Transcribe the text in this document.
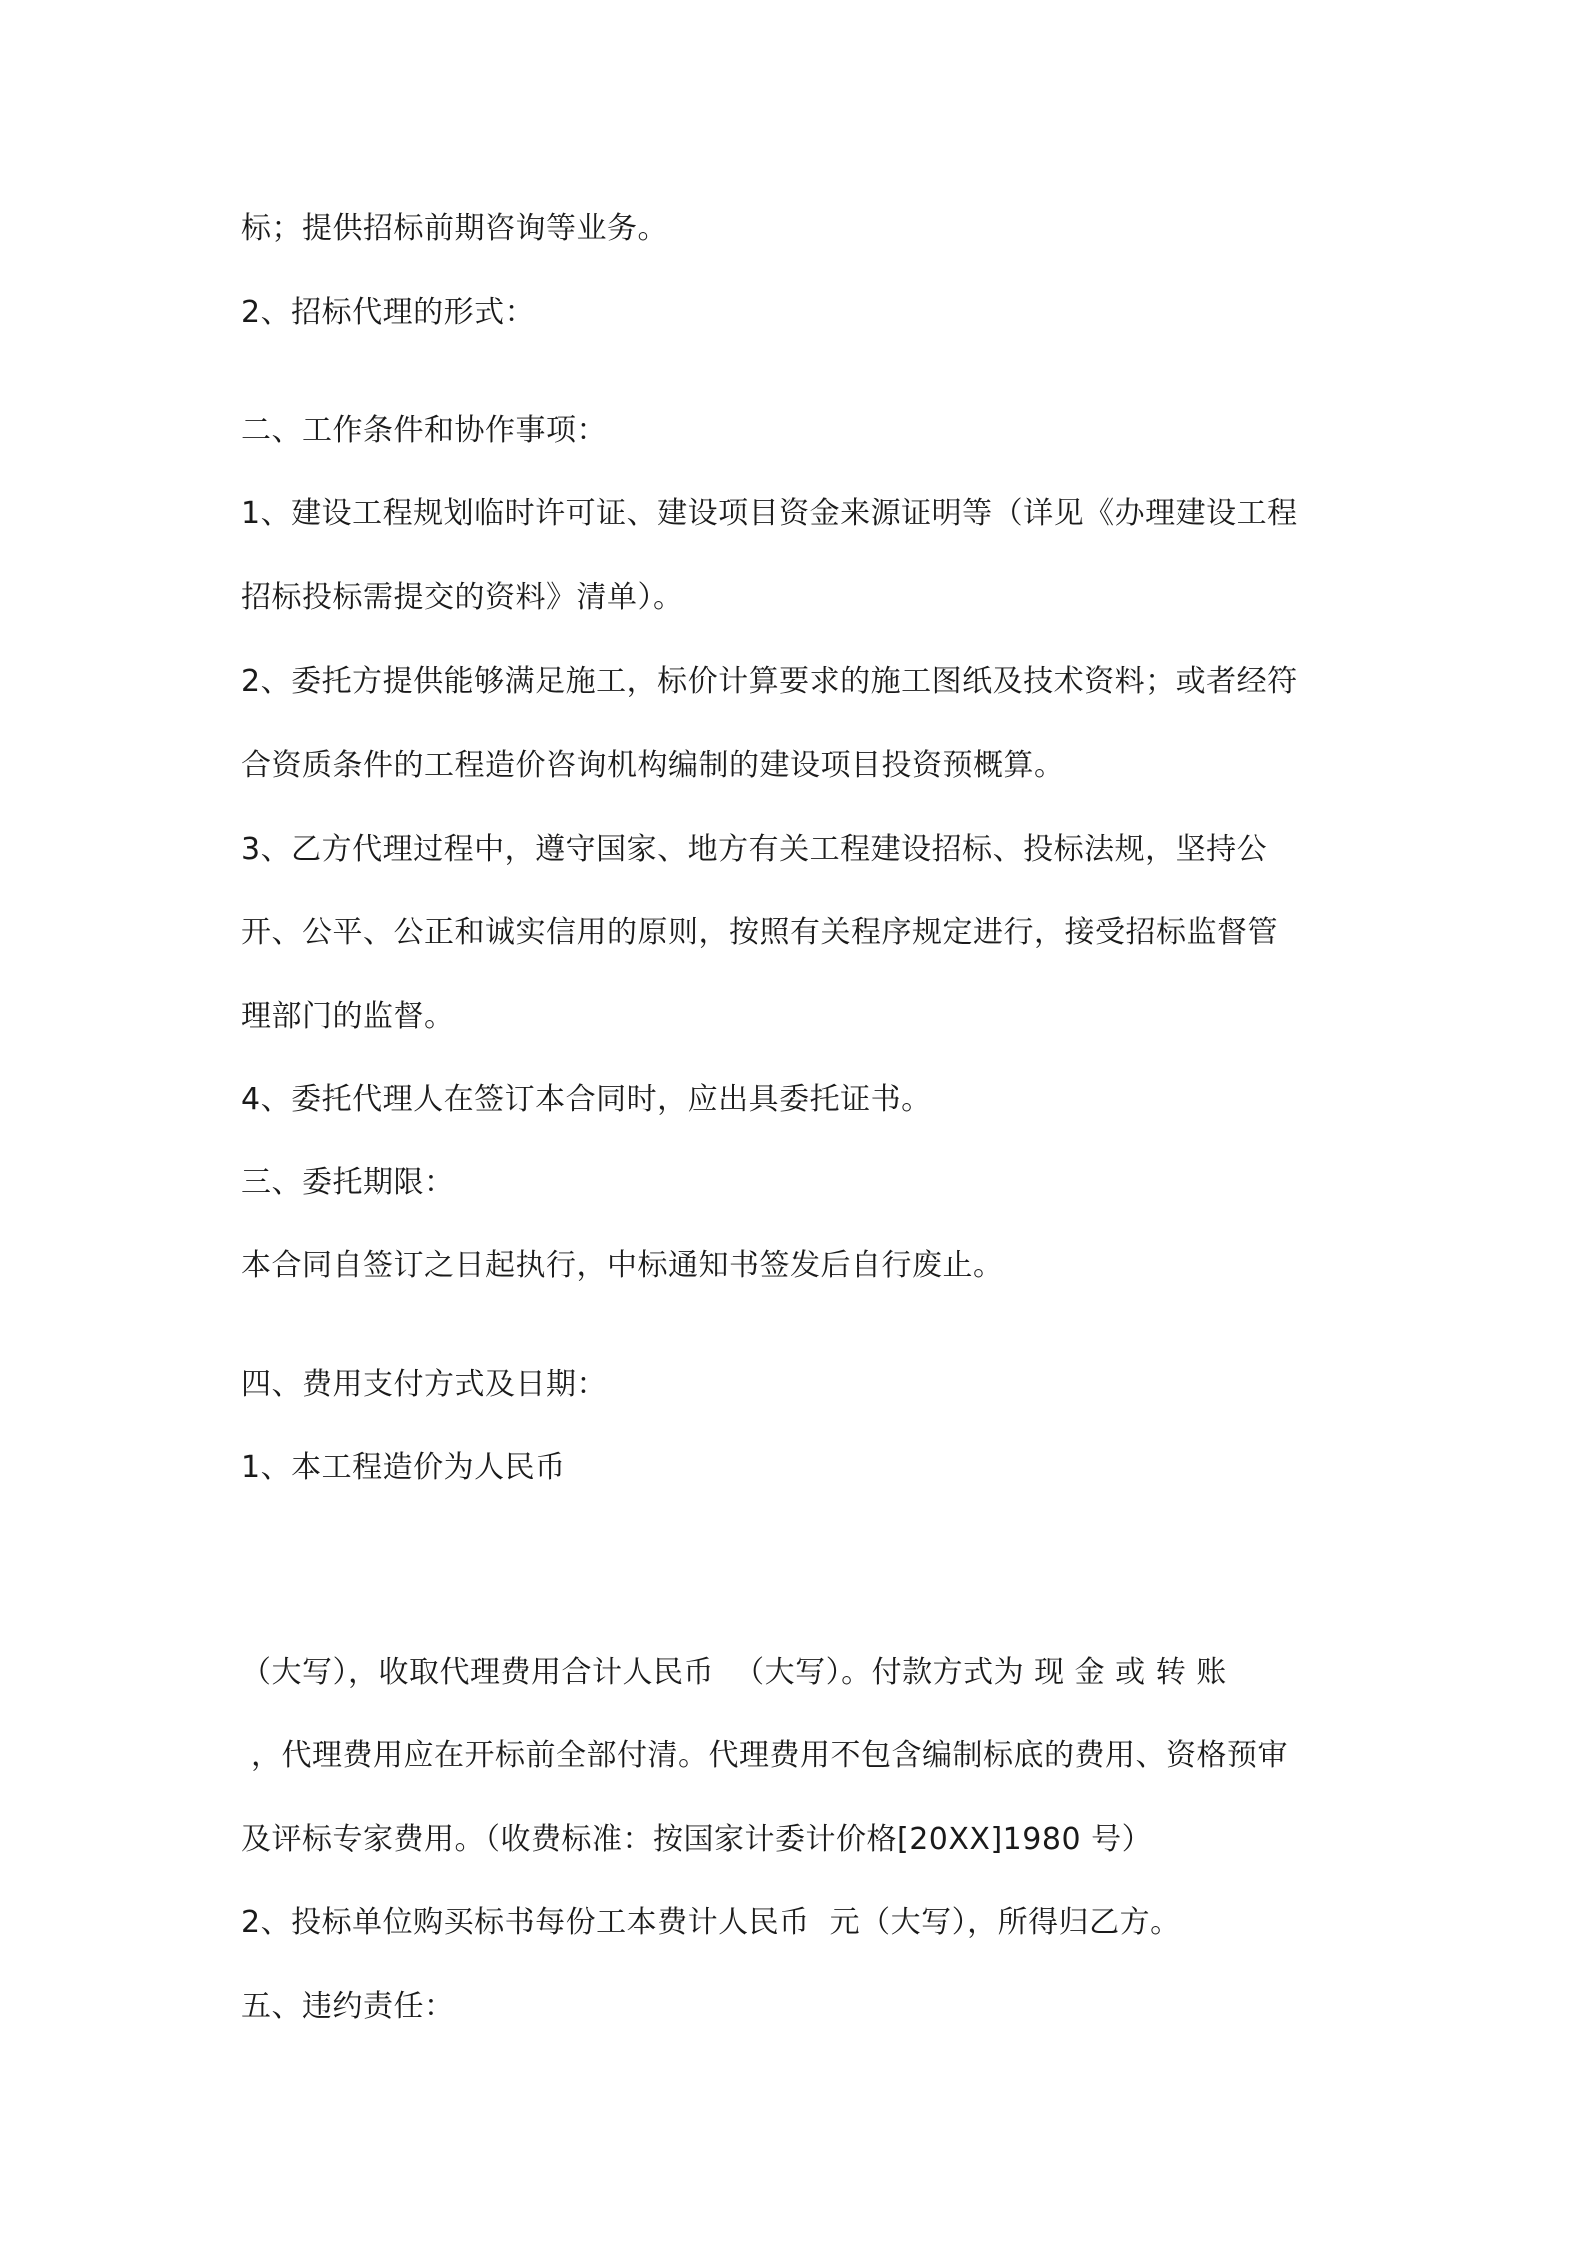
标；提供招标前期咨询等业务。
2、招标代理的形式：
二、工作条件和协作事项：
1、建设工程规划临时许可证、建设项目资金来源证明等（详见《办理建设工程
招标投标需提交的资料》清单）。
2、委托方提供能够满足施工，标价计算要求的施工图纸及技术资料；或者经符
合资质条件的工程造价咨询机构编制的建设项目投资预概算。
3、乙方代理过程中，遵守国家、地方有关工程建设招标、投标法规，坚持公
开、公平、公正和诚实信用的原则，按照有关程序规定进行，接受招标监督管
理部门的监督。
4、委托代理人在签订本合同时，应出具委托证书。
三、委托期限：
本合同自签订之日起执行，中标通知书签发后自行废止。
四、费用支付方式及日期：
1、本工程造价为人民币
（大写），收取代理费用合计人民币  （大写）。付款方式为 现 金 或 转 账
，代理费用应在开标前全部付清。代理费用不包含编制标底的费用、资格预审
及评标专家费用。（收费标准：按国家计委计价格[20XX]1980 号）
2、投标单位购买标书每份工本费计人民币  元（大写），所得归乙方。
五、违约责任：
